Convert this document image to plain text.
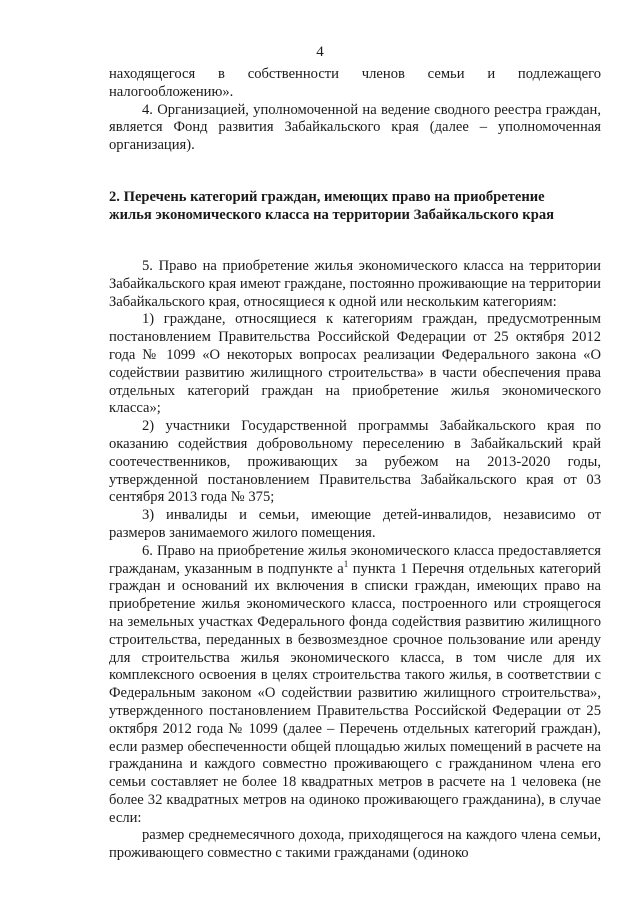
4

находящегося в собственности членов семьи и подлежащего

налогообложению».

4. Организацией, уполномоченной на ведение сводного реестра граждан, является Фонд развития Забайкальского края (далее – уполномоченная организация).

2. Перечень категорий граждан, имеющих право на приобретение
жилья экономического класса на территории Забайкальского края

5. Право на приобретение жилья экономического класса на территории Забайкальского края имеют граждане, постоянно проживающие на территории Забайкальского края, относящиеся к одной или нескольким категориям:

1) граждане, относящиеся к категориям граждан, предусмотренным постановлением Правительства Российской Федерации от 25 октября 2012 года № 1099 «О некоторых вопросах реализации Федерального закона «О содействии развитию жилищного строительства» в части обеспечения права отдельных категорий граждан на приобретение жилья экономического класса»;

2) участники Государственной программы Забайкальского края по оказанию содействия добровольному переселению в Забайкальский край соотечественников, проживающих за рубежом на 2013-2020 годы, утвержденной постановлением Правительства Забайкальского края от 03 сентября 2013 года № 375;

3) инвалиды и семьи, имеющие детей-инвалидов, независимо от размеров занимаемого жилого помещения.

6. Право на приобретение жилья экономического класса предоставляется гражданам, указанным в подпункте $а^1$ пункта 1 Перечня отдельных категорий граждан и оснований их включения в списки граждан, имеющих право на приобретение жилья экономического класса, построенного или строящегося на земельных участках Федерального фонда содействия развитию жилищного строительства, переданных в безвозмездное срочное пользование или аренду для строительства жилья экономического класса, в том числе для их комплексного освоения в целях строительства такого жилья, в соответствии с Федеральным законом «О содействии развитию жилищного строительства», утвержденного постановлением Правительства Российской Федерации от 25 октября 2012 года № 1099 (далее – Перечень отдельных категорий граждан), если размер обеспеченности общей площадью жилых помещений в расчете на гражданина и каждого совместно проживающего с гражданином члена его семьи составляет не более 18 квадратных метров в расчете на 1 человека (не более 32 квадратных метров на одиноко проживающего гражданина), в случае если:

размер среднемесячного дохода, приходящегося на каждого члена семьи, проживающего совместно с такими гражданами (одиноко
